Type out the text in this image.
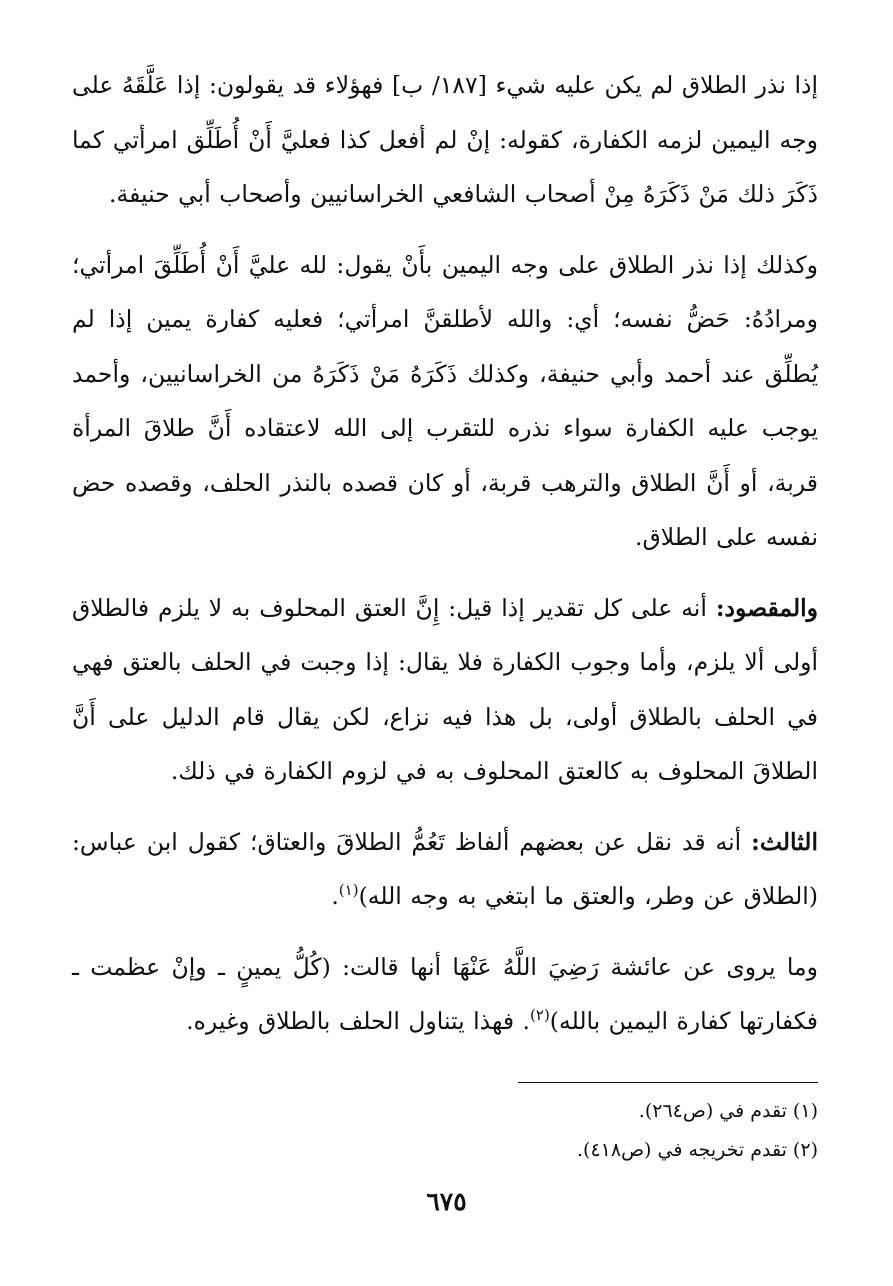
إذا نذر الطلاق لم يكن عليه شيء [١٨٧/ ب] فهؤلاء قد يقولون: إذا عَلَّقَهُ على وجه اليمين لزمه الكفارة، كقوله: إنْ لم أفعل كذا فعليَّ أَنْ أُطَلِّق امرأتي كما ذَكَرَ ذلك مَنْ ذَكَرَهُ مِنْ أصحاب الشافعي الخراسانيين وأصحاب أبي حنيفة.

وكذلك إذا نذر الطلاق على وجه اليمين بأَنْ يقول: لله عليَّ أَنْ أُطَلِّقَ امرأتي؛ ومرادُهُ: حَضُّ نفسه؛ أي: والله لأطلقنَّ امرأتي؛ فعليه كفارة يمين إذا لم يُطلِّق عند أحمد وأبي حنيفة، وكذلك ذَكَرَهُ مَنْ ذَكَرَهُ من الخراسانيين، وأحمد يوجب عليه الكفارة سواء نذره للتقرب إلى الله لاعتقاده أَنَّ طلاقَ المرأة قربة، أو أَنَّ الطلاق والترهب قربة، أو كان قصده بالنذر الحلف، وقصده حض نفسه على الطلاق.

والمقصود: أنه على كل تقدير إذا قيل: إِنَّ العتق المحلوف به لا يلزم فالطلاق أولى ألا يلزم، وأما وجوب الكفارة فلا يقال: إذا وجبت في الحلف بالعتق فهي في الحلف بالطلاق أولى، بل هذا فيه نزاع، لكن يقال قام الدليل على أَنَّ الطلاقَ المحلوف به كالعتق المحلوف به في لزوم الكفارة في ذلك.

الثالث: أنه قد نقل عن بعضهم ألفاظ تَعُمُّ الطلاقَ والعتاق؛ كقول ابن عباس: (الطلاق عن وطر، والعتق ما ابتغي به وجه الله)$^{(١)}$.

وما يروى عن عائشة رَضِيَ اللَّهُ عَنْهَا أنها قالت: (كُلُّ يمينٍ ـ وإنْ عظمت ـ فكفارتها كفارة اليمين بالله)$^{(٢)}$. فهذا يتناول الحلف بالطلاق وغيره.

(١) تقدم في (ص٢٦٤).

(٢) تقدم تخريجه في (ص٤١٨).

٦٧٥
